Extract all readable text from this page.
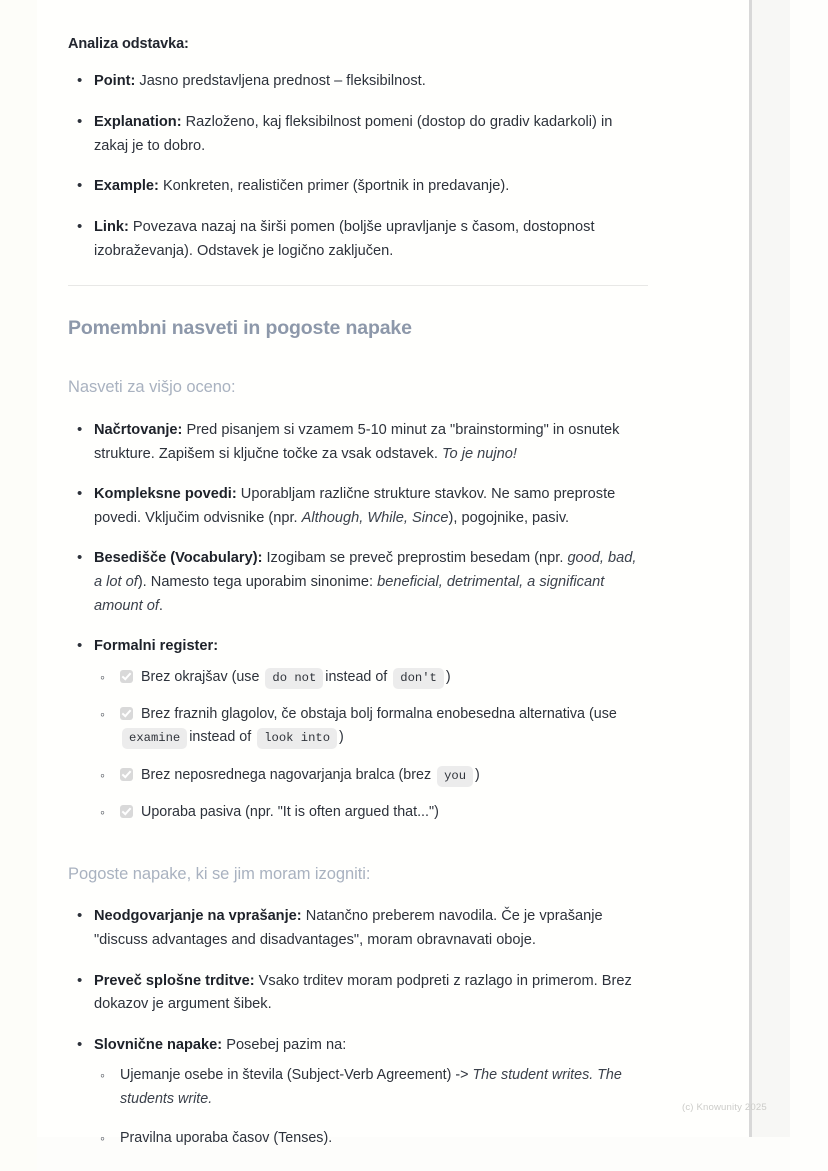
Analiza odstavka:

• Point: Jasno predstavljena prednost – fleksibilnost.
• Explanation: Razloženo, kaj fleksibilnost pomeni (dostop do gradiv kadarkoli) in zakaj je to dobro.
• Example: Konkreten, realističen primer (športnik in predavanje).
• Link: Povezava nazaj na širši pomen (boljše upravljanje s časom, dostopnost izobraževanja). Odstavek je logično zaključen.
Pomembni nasveti in pogoste napake
Nasveti za višjo oceno:
• Načrtovanje: Pred pisanjem si vzamem 5-10 minut za "brainstorming" in osnutek strukture. Zapišem si ključne točke za vsak odstavek. To je nujno!
• Kompleksne povedi: Uporabljam različne strukture stavkov. Ne samo preproste povedi. Vključim odvisnike (npr. Although, While, Since), pogojnike, pasiv.
• Besedišče (Vocabulary): Izogibam se preveč preprostim besedam (npr. good, bad, a lot of). Namesto tega uporabim sinonime: beneficial, detrimental, a significant amount of.
• Formalni register:
◦ Brez okrajšav (use do not instead of don't )
◦ Brez fraznih glagolov, če obstaja bolj formalna enobesedna alternativa (use examine instead of look into )
◦ Brez neposrednega nagovarjanja bralca (brez you )
◦ Uporaba pasiva (npr. "It is often argued that...")
Pogoste napake, ki se jim moram izogniti:
• Neodgovarjanje na vprašanje: Natančno preberem navodila. Če je vprašanje "discuss advantages and disadvantages", moram obravnavati oboje.
• Preveč splošne trditve: Vsako trditev moram podpreti z razlago in primerom. Brez dokazov je argument šibek.
• Slovnične napake: Posebej pazim na:
◦ Ujemanje osebe in števila (Subject-Verb Agreement) -> The student writes. The students write.
◦ Pravilna uporaba časov (Tenses).
(c) Knowunity 2025
